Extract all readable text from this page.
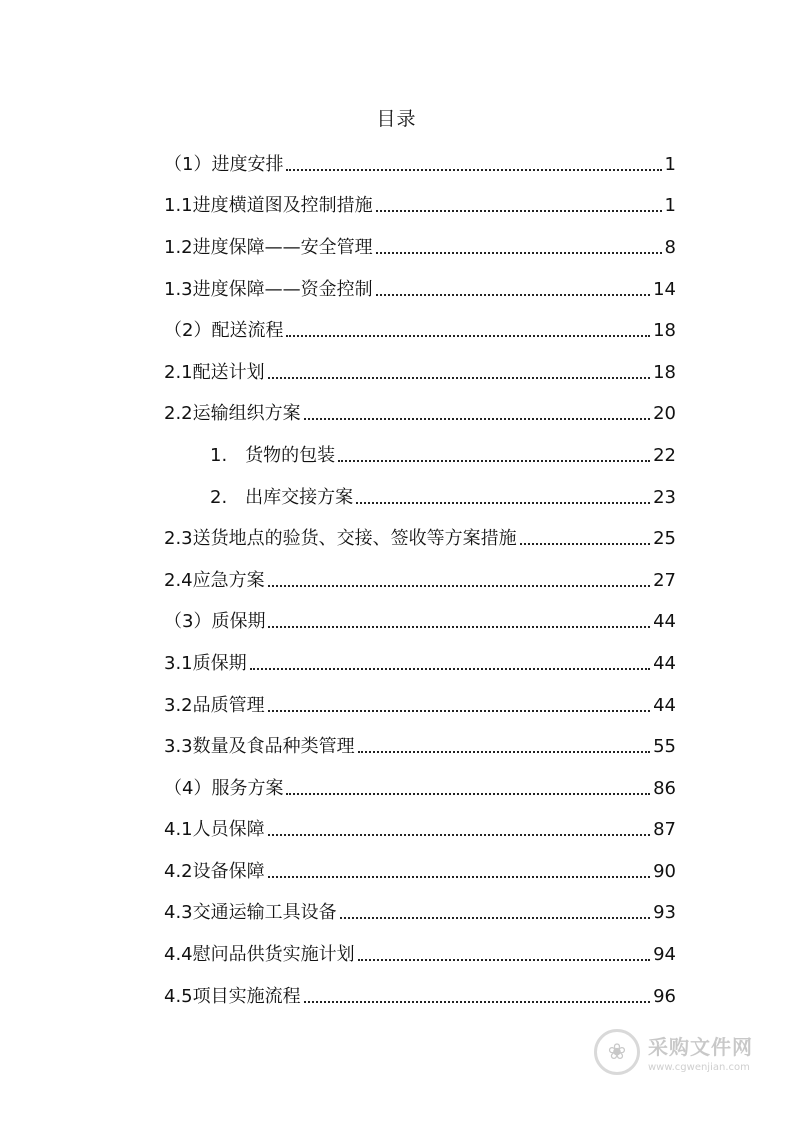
目录
（1）进度安排	1
1.1进度横道图及控制措施	1
1.2进度保障——安全管理	8
1.3进度保障——资金控制	14
（2）配送流程	18
2.1配送计划	18
2.2运输组织方案	20
1.　货物的包装	22
2.　出库交接方案	23
2.3送货地点的验货、交接、签收等方案措施	25
2.4应急方案	27
（3）质保期	44
3.1质保期	44
3.2品质管理	44
3.3数量及食品种类管理	55
（4）服务方案	86
4.1人员保障	87
4.2设备保障	90
4.3交通运输工具设备	93
4.4慰问品供货实施计划	94
4.5项目实施流程	96
❀	采购文件网
www.cgwenjian.com
